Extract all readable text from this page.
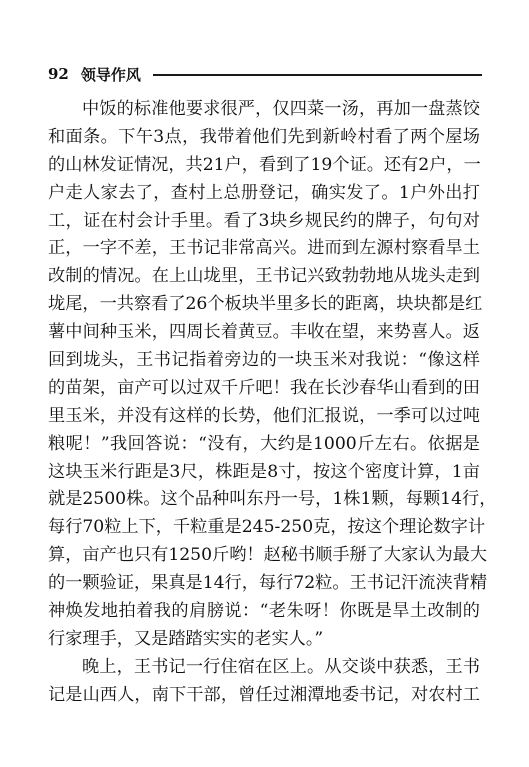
92 领导作风
中饭的标准他要求很严，仅四菜一汤，再加一盘蒸饺
和面条。下午3点，我带着他们先到新岭村看了两个屋场
的山林发证情况，共21户，看到了19个证。还有2户，一
户走人家去了，查村上总册登记，确实发了。1户外出打
工，证在村会计手里。看了3块乡规民约的牌子，句句对
正，一字不差，王书记非常高兴。进而到左源村察看旱土
改制的情况。在上山垅里，王书记兴致勃勃地从垅头走到
垅尾，一共察看了26个板块半里多长的距离，块块都是红
薯中间种玉米，四周长着黄豆。丰收在望，来势喜人。返
回到垅头，王书记指着旁边的一块玉米对我说：“像这样
的苗架，亩产可以过双千斤吧！我在长沙春华山看到的田
里玉米，并没有这样的长势，他们汇报说，一季可以过吨
粮呢！”我回答说：“没有，大约是1000斤左右。依据是
这块玉米行距是3尺，株距是8寸，按这个密度计算，1亩
就是2500株。这个品种叫东丹一号，1株1颗，每颗14行，
每行70粒上下，千粒重是245-250克，按这个理论数字计
算，亩产也只有1250斤哟！赵秘书顺手掰了大家认为最大
的一颗验证，果真是14行，每行72粒。王书记汗流浃背精
神焕发地拍着我的肩膀说：“老朱呀！你既是旱土改制的
行家理手，又是踏踏实实的老实人。”
晚上，王书记一行住宿在区上。从交谈中获悉，王书
记是山西人，南下干部，曾任过湘潭地委书记，对农村工
